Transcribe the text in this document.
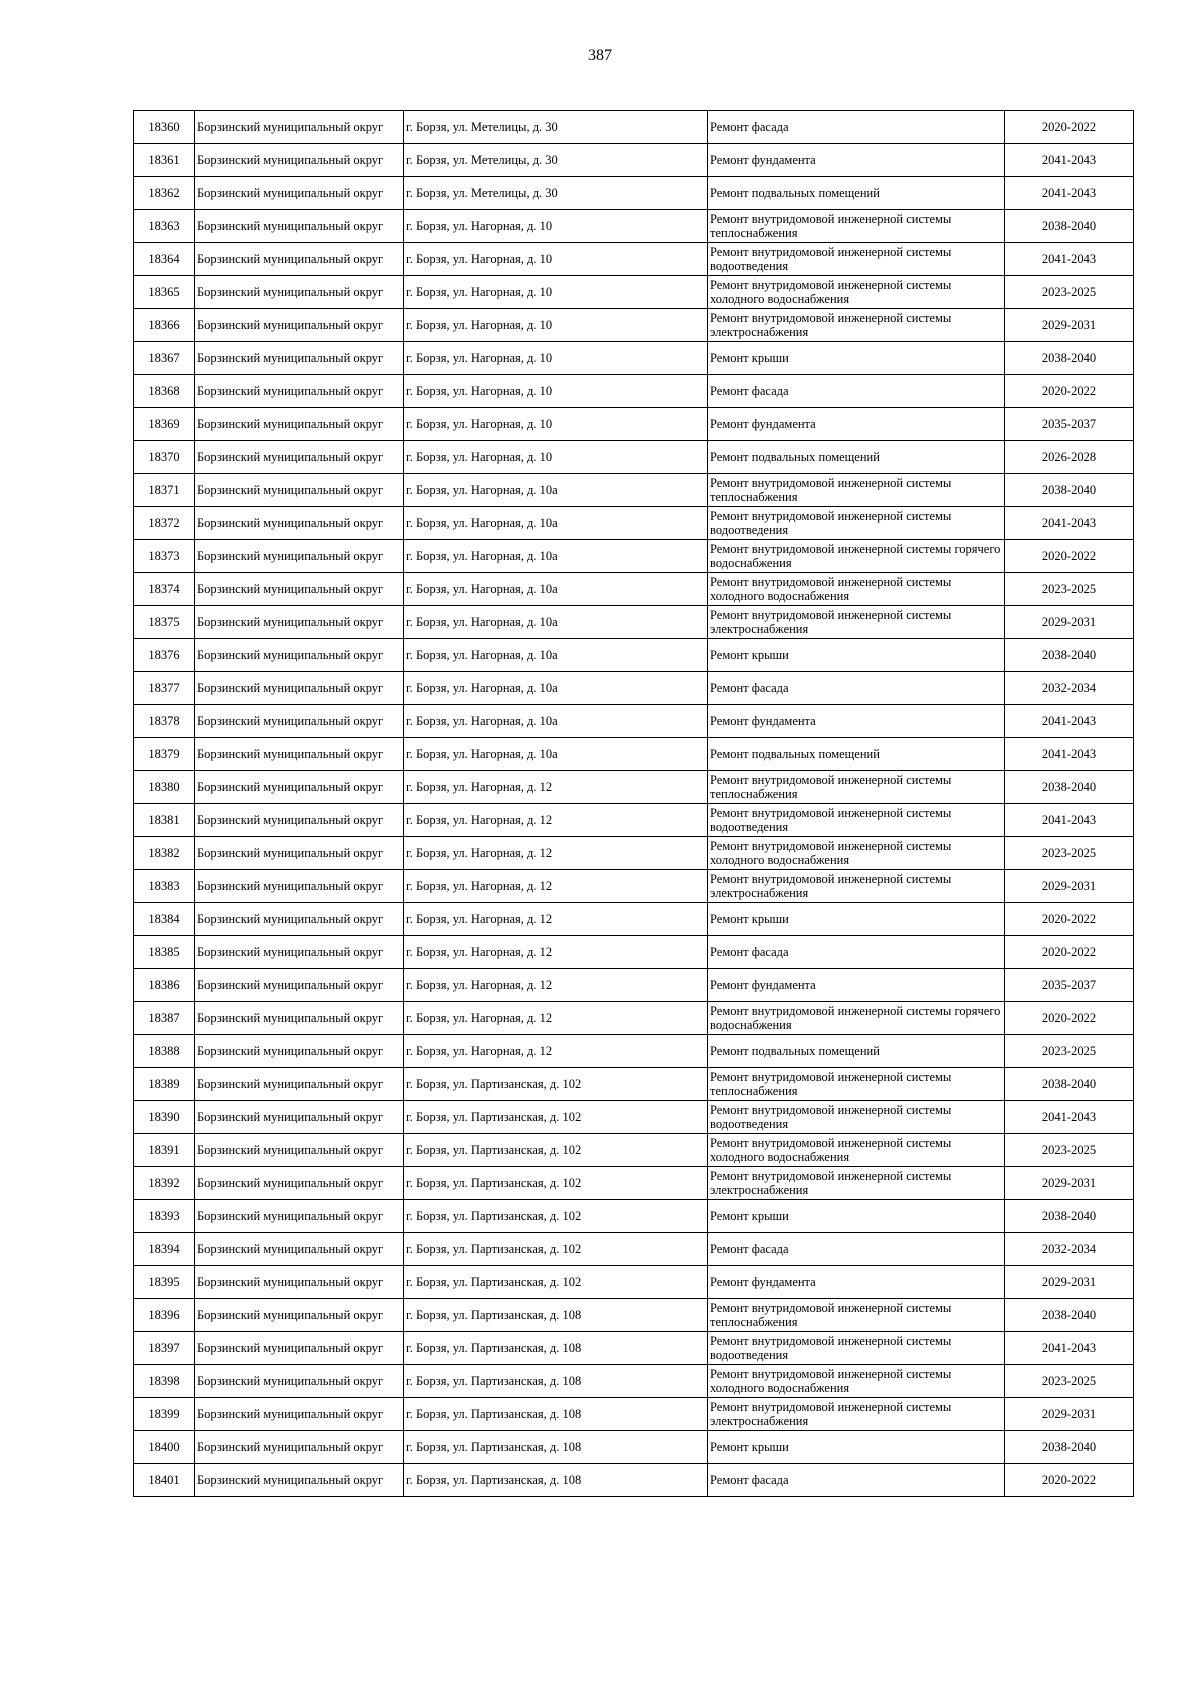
387
18360	Борзинский муниципальный округ	г. Борзя, ул. Метелицы, д. 30	Ремонт фасада	2020-2022
18361	Борзинский муниципальный округ	г. Борзя, ул. Метелицы, д. 30	Ремонт фундамента	2041-2043
18362	Борзинский муниципальный округ	г. Борзя, ул. Метелицы, д. 30	Ремонт подвальных помещений	2041-2043
18363	Борзинский муниципальный округ	г. Борзя, ул. Нагорная, д. 10	Ремонт внутридомовой инженерной системы теплоснабжения	2038-2040
18364	Борзинский муниципальный округ	г. Борзя, ул. Нагорная, д. 10	Ремонт внутридомовой инженерной системы водоотведения	2041-2043
18365	Борзинский муниципальный округ	г. Борзя, ул. Нагорная, д. 10	Ремонт внутридомовой инженерной системы холодного водоснабжения	2023-2025
18366	Борзинский муниципальный округ	г. Борзя, ул. Нагорная, д. 10	Ремонт внутридомовой инженерной системы электроснабжения	2029-2031
18367	Борзинский муниципальный округ	г. Борзя, ул. Нагорная, д. 10	Ремонт крыши	2038-2040
18368	Борзинский муниципальный округ	г. Борзя, ул. Нагорная, д. 10	Ремонт фасада	2020-2022
18369	Борзинский муниципальный округ	г. Борзя, ул. Нагорная, д. 10	Ремонт фундамента	2035-2037
18370	Борзинский муниципальный округ	г. Борзя, ул. Нагорная, д. 10	Ремонт подвальных помещений	2026-2028
18371	Борзинский муниципальный округ	г. Борзя, ул. Нагорная, д. 10а	Ремонт внутридомовой инженерной системы теплоснабжения	2038-2040
18372	Борзинский муниципальный округ	г. Борзя, ул. Нагорная, д. 10а	Ремонт внутридомовой инженерной системы водоотведения	2041-2043
18373	Борзинский муниципальный округ	г. Борзя, ул. Нагорная, д. 10а	Ремонт внутридомовой инженерной системы горячего водоснабжения	2020-2022
18374	Борзинский муниципальный округ	г. Борзя, ул. Нагорная, д. 10а	Ремонт внутридомовой инженерной системы холодного водоснабжения	2023-2025
18375	Борзинский муниципальный округ	г. Борзя, ул. Нагорная, д. 10а	Ремонт внутридомовой инженерной системы электроснабжения	2029-2031
18376	Борзинский муниципальный округ	г. Борзя, ул. Нагорная, д. 10а	Ремонт крыши	2038-2040
18377	Борзинский муниципальный округ	г. Борзя, ул. Нагорная, д. 10а	Ремонт фасада	2032-2034
18378	Борзинский муниципальный округ	г. Борзя, ул. Нагорная, д. 10а	Ремонт фундамента	2041-2043
18379	Борзинский муниципальный округ	г. Борзя, ул. Нагорная, д. 10а	Ремонт подвальных помещений	2041-2043
18380	Борзинский муниципальный округ	г. Борзя, ул. Нагорная, д. 12	Ремонт внутридомовой инженерной системы теплоснабжения	2038-2040
18381	Борзинский муниципальный округ	г. Борзя, ул. Нагорная, д. 12	Ремонт внутридомовой инженерной системы водоотведения	2041-2043
18382	Борзинский муниципальный округ	г. Борзя, ул. Нагорная, д. 12	Ремонт внутридомовой инженерной системы холодного водоснабжения	2023-2025
18383	Борзинский муниципальный округ	г. Борзя, ул. Нагорная, д. 12	Ремонт внутридомовой инженерной системы электроснабжения	2029-2031
18384	Борзинский муниципальный округ	г. Борзя, ул. Нагорная, д. 12	Ремонт крыши	2020-2022
18385	Борзинский муниципальный округ	г. Борзя, ул. Нагорная, д. 12	Ремонт фасада	2020-2022
18386	Борзинский муниципальный округ	г. Борзя, ул. Нагорная, д. 12	Ремонт фундамента	2035-2037
18387	Борзинский муниципальный округ	г. Борзя, ул. Нагорная, д. 12	Ремонт внутридомовой инженерной системы горячего водоснабжения	2020-2022
18388	Борзинский муниципальный округ	г. Борзя, ул. Нагорная, д. 12	Ремонт подвальных помещений	2023-2025
18389	Борзинский муниципальный округ	г. Борзя, ул. Партизанская, д. 102	Ремонт внутридомовой инженерной системы теплоснабжения	2038-2040
18390	Борзинский муниципальный округ	г. Борзя, ул. Партизанская, д. 102	Ремонт внутридомовой инженерной системы водоотведения	2041-2043
18391	Борзинский муниципальный округ	г. Борзя, ул. Партизанская, д. 102	Ремонт внутридомовой инженерной системы холодного водоснабжения	2023-2025
18392	Борзинский муниципальный округ	г. Борзя, ул. Партизанская, д. 102	Ремонт внутридомовой инженерной системы электроснабжения	2029-2031
18393	Борзинский муниципальный округ	г. Борзя, ул. Партизанская, д. 102	Ремонт крыши	2038-2040
18394	Борзинский муниципальный округ	г. Борзя, ул. Партизанская, д. 102	Ремонт фасада	2032-2034
18395	Борзинский муниципальный округ	г. Борзя, ул. Партизанская, д. 102	Ремонт фундамента	2029-2031
18396	Борзинский муниципальный округ	г. Борзя, ул. Партизанская, д. 108	Ремонт внутридомовой инженерной системы теплоснабжения	2038-2040
18397	Борзинский муниципальный округ	г. Борзя, ул. Партизанская, д. 108	Ремонт внутридомовой инженерной системы водоотведения	2041-2043
18398	Борзинский муниципальный округ	г. Борзя, ул. Партизанская, д. 108	Ремонт внутридомовой инженерной системы холодного водоснабжения	2023-2025
18399	Борзинский муниципальный округ	г. Борзя, ул. Партизанская, д. 108	Ремонт внутридомовой инженерной системы электроснабжения	2029-2031
18400	Борзинский муниципальный округ	г. Борзя, ул. Партизанская, д. 108	Ремонт крыши	2038-2040
18401	Борзинский муниципальный округ	г. Борзя, ул. Партизанская, д. 108	Ремонт фасада	2020-2022
